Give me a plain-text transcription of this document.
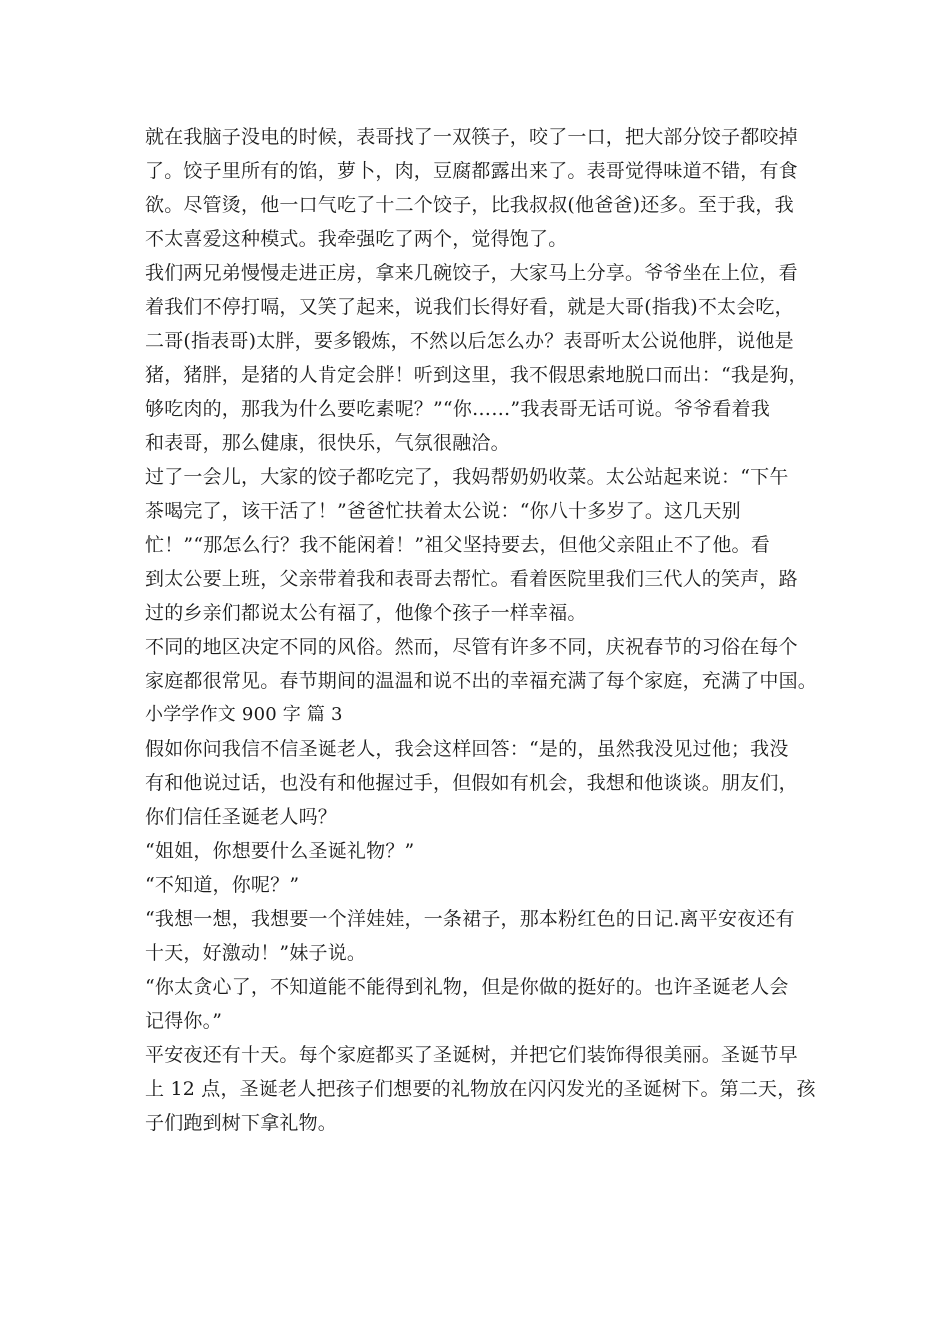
就在我脑子没电的时候，表哥找了一双筷子，咬了一口，把大部分饺子都咬掉
了。饺子里所有的馅，萝卜，肉，豆腐都露出来了。表哥觉得味道不错，有食
欲。尽管烫，他一口气吃了十二个饺子，比我叔叔(他爸爸)还多。至于我，我
不太喜爱这种模式。我牵强吃了两个，觉得饱了。
我们两兄弟慢慢走进正房，拿来几碗饺子，大家马上分享。爷爷坐在上位，看
着我们不停打嗝，又笑了起来，说我们长得好看，就是大哥(指我)不太会吃，
二哥(指表哥)太胖，要多锻炼，不然以后怎么办？表哥听太公说他胖，说他是
猪，猪胖，是猪的人肯定会胖！听到这里，我不假思索地脱口而出：“我是狗，
够吃肉的，那我为什么要吃素呢？”“你……”我表哥无话可说。爷爷看着我
和表哥，那么健康，很快乐，气氛很融洽。
过了一会儿，大家的饺子都吃完了，我妈帮奶奶收菜。太公站起来说：“下午
茶喝完了，该干活了！”爸爸忙扶着太公说：“你八十多岁了。这几天别
忙！”“那怎么行？我不能闲着！”祖父坚持要去，但他父亲阻止不了他。看
到太公要上班，父亲带着我和表哥去帮忙。看着医院里我们三代人的笑声，路
过的乡亲们都说太公有福了，他像个孩子一样幸福。
不同的地区决定不同的风俗。然而，尽管有许多不同，庆祝春节的习俗在每个
家庭都很常见。春节期间的温温和说不出的幸福充满了每个家庭，充满了中国。
小学学作文 900 字 篇 3
假如你问我信不信圣诞老人，我会这样回答：“是的，虽然我没见过他；我没
有和他说过话，也没有和他握过手，但假如有机会，我想和他谈谈。朋友们，
你们信任圣诞老人吗？
“姐姐，你想要什么圣诞礼物？”
“不知道，你呢？”
“我想一想，我想要一个洋娃娃，一条裙子，那本粉红色的日记.离平安夜还有
十天，好激动！”妹子说。
“你太贪心了，不知道能不能得到礼物，但是你做的挺好的。也许圣诞老人会
记得你。”
平安夜还有十天。每个家庭都买了圣诞树，并把它们装饰得很美丽。圣诞节早
上 12 点，圣诞老人把孩子们想要的礼物放在闪闪发光的圣诞树下。第二天，孩
子们跑到树下拿礼物。
